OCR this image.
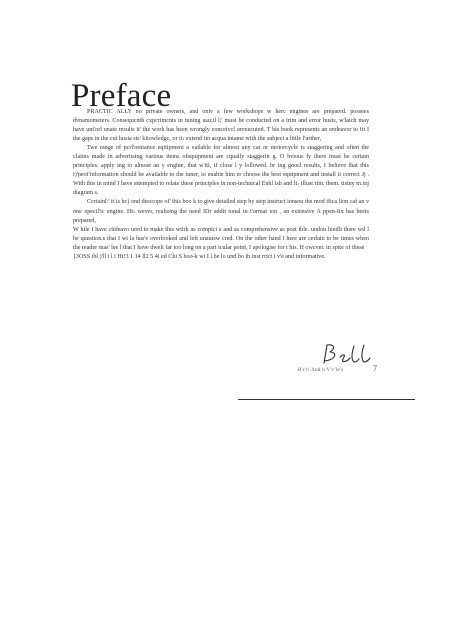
Preface

PRACTIC ALLY no private owners, and oniv a few workshops w herc engines are prepared. possees dvnamometers. Consequcnth cxpcrimcnts in tuning usu;il l;' must be conducted on a trim and error busts, w'laich may have unt'orl unate results it' the work has been wrongly conceivcl orexecuted. T his book represents an endeavor to fit I the gaps in the cut husia sts' kiiowledgc, or it› extend tin acqua intame with the subjeci a little l'urther,

Twe range of pcrl'orniance eqiiipmeni a vailable for almost any car or moiorcycle is staggering and often the claims made in advertising various items ofequipment are cqually staggerin g. O bvious ly ihere inust be certain principles. apply ing to almost an y engine, that w'itl, if close l y lollowed. br ing goocl results, I believe that this t)'peof'information should be available to the iuner, io enabie him to choose the best eqnipment and install it correct Jj . With this in mind I have attempted to relate these principles in non-technical Enhl ish and lt› illust riitc them. tisiny m.inj diagram s.

Ccrtainl\' it is bc) ond thescope of' this boo k to give detailed step by step instruct ionsou the mod ifica lion caf an v one xpecil'ic engine. Ht› wever, realising the need IDr addit tonal in t'ormat ion , an exiensive A ppen-Iix has beets prepared,

W hile I have ciideavo ured to make this wtirk as compici e and as comprehensive as post ible. undou biedli there wil l be question.s that I wi la has'e overlooked and left unauısw cred. On the other hand I here are cerlain to be times when the reader mas' lee l that I have dwelt far too long on a part icular point, I apologise for t his. H owcver. in spite of these

}3OSS ibl )'ll i l i Ht!3 1 14 ll2 5 4i ed Chi S boo-k wi I l be lo und bo th inst rrict i v'e and informative.

B'r'r\.Ʌnd h V'v'le's	7
